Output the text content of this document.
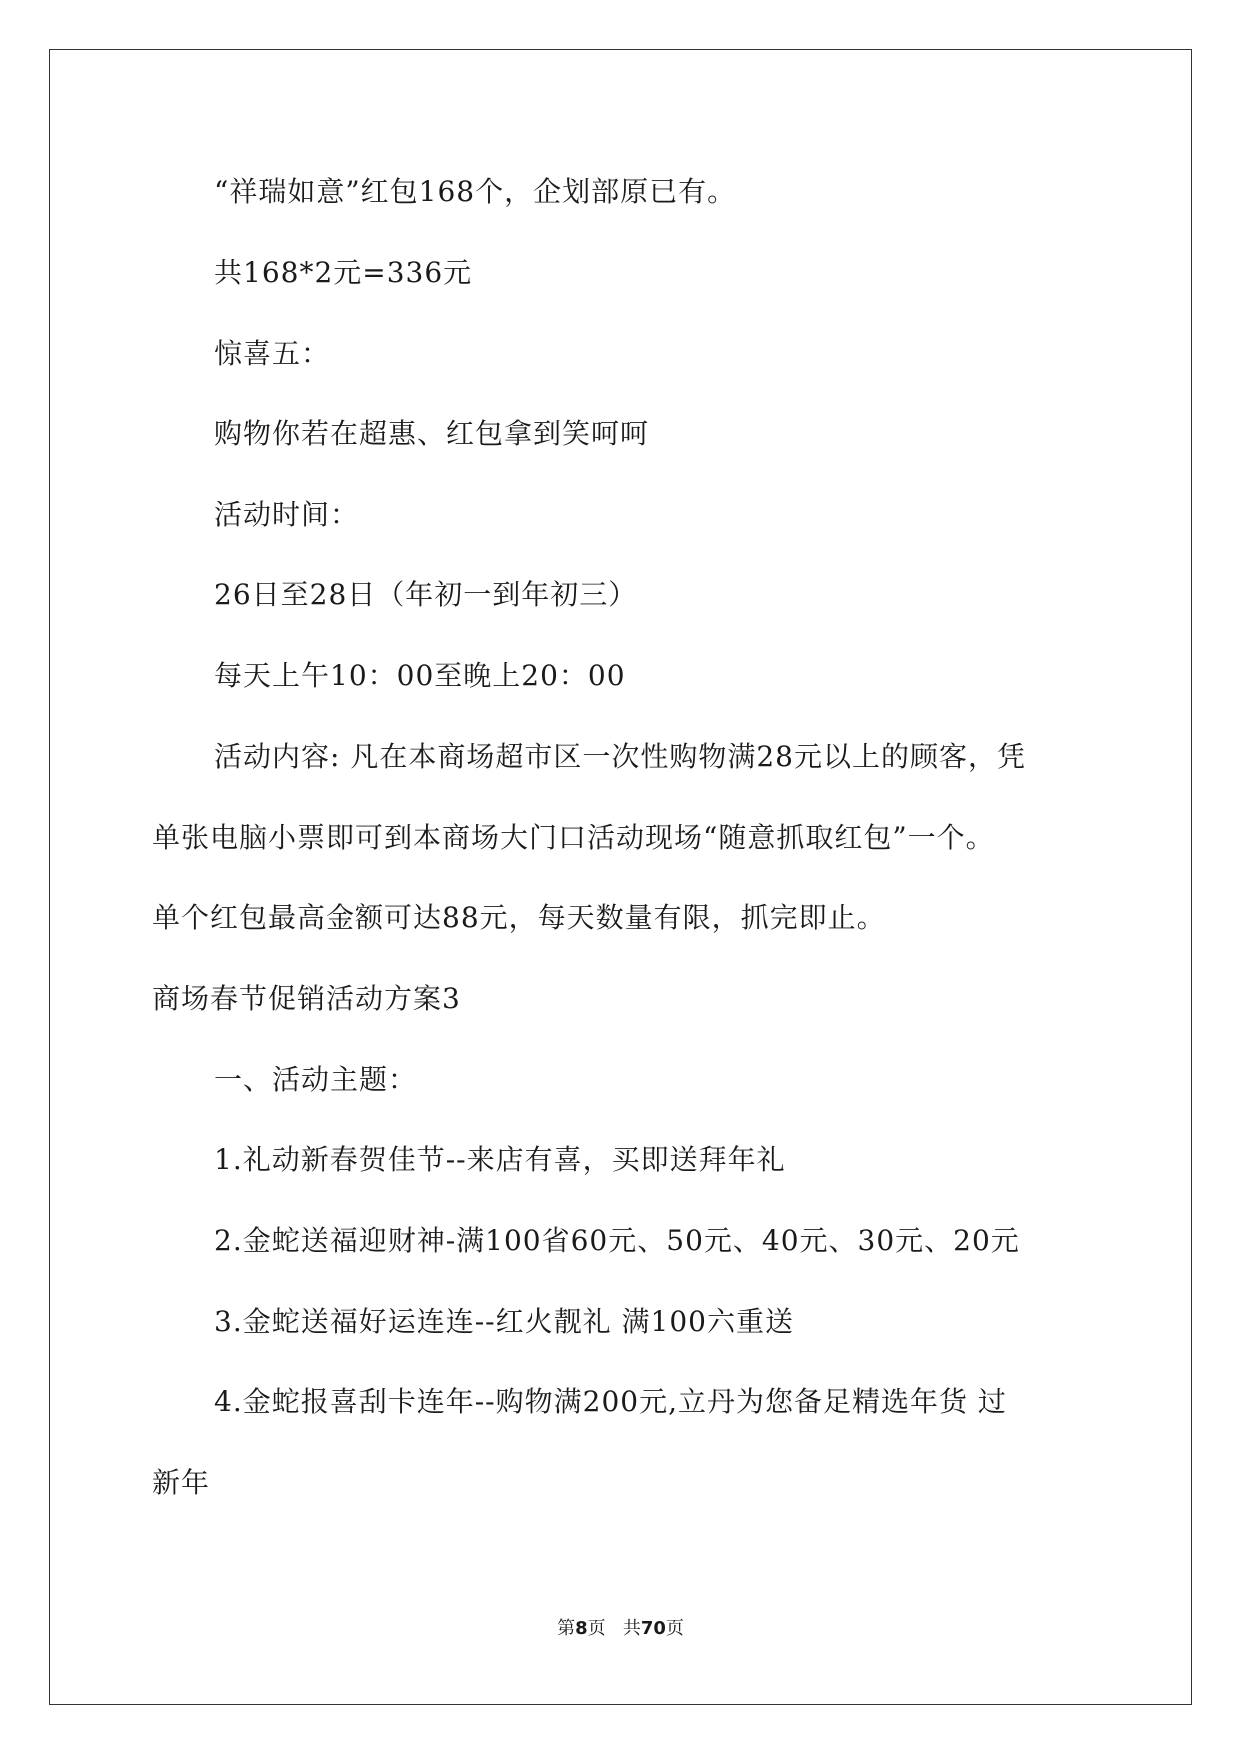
“祥瑞如意”红包168个，企划部原已有。
共168*2元=336元
惊喜五：
购物你若在超惠、红包拿到笑呵呵
活动时间：
26日至28日（年初一到年初三）
每天上午10：00至晚上20：00
活动内容: 凡在本商场超市区一次性购物满28元以上的顾客，凭
单张电脑小票即可到本商场大门口活动现场“随意抓取红包”一个。
单个红包最高金额可达88元，每天数量有限，抓完即止。
商场春节促销活动方案3
一、活动主题：
1.礼动新春贺佳节--来店有喜，买即送拜年礼
2.金蛇送福迎财神-满100省60元、50元、40元、30元、20元
3.金蛇送福好运连连--红火靓礼 满100六重送
4.金蛇报喜刮卡连年--购物满200元,立丹为您备足精选年货 过
新年
第8页 共70页
